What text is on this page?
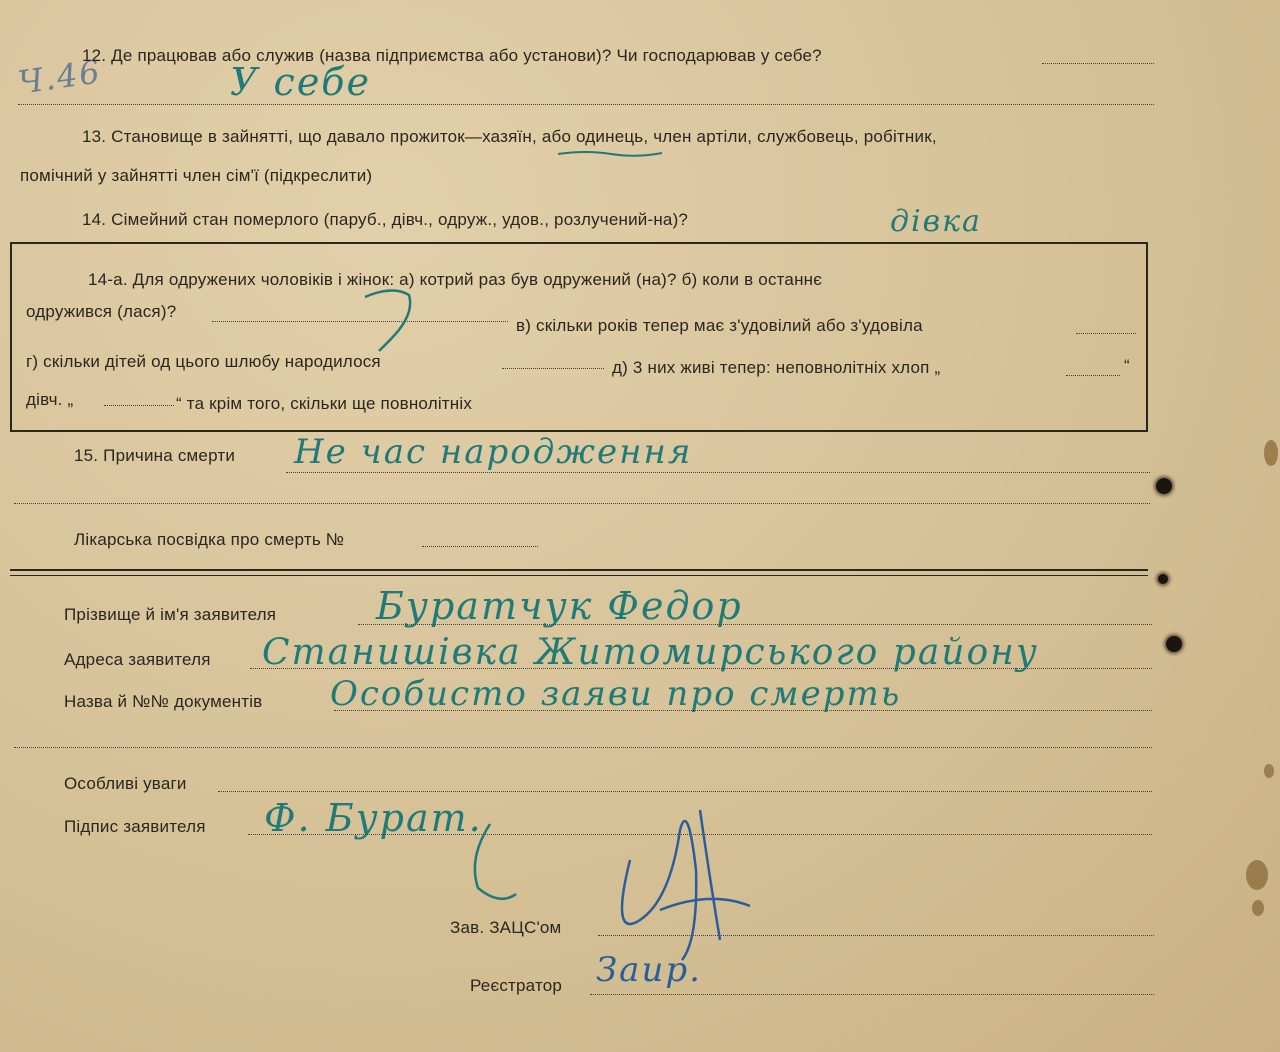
Ч.46
12. Де працював або служив (назва підприємства або установи)? Чи господарював у себе?
У себе
13. Становище в зайнятті, що давало прожиток—хазяїн, або одинець, член артіли, службовець, робітник,
помічний у зайнятті член сім'ї (підкреслити)
14. Сімейний стан померлого (паруб., дівч., одруж., удов., розлучений-на)?	дівка
14-а. Для одружених чоловіків і жінок: а) котрий раз був одружений (на)? б) коли в останнє
одружився (лася)?
в) скільки років тепер має з'удовілий або з'удовіла
г) скільки дітей од цього шлюбу народилося	д) 3 них живі тепер: неповнолітніх хлоп „	“
дівч. „	“ та крім того, скільки ще повнолітніх
15. Причина смерти Не час народження
Лікарська посвідка про смерть №
Прізвище й ім'я заявителя	Буратчук Федор
Адреса заявителя Станишівка Житомирського району
Назва й №№ документів Особисто заяви про смерть
Особливі уваги
Підпис заявителя Ф. Бурат.
Зав. ЗАЦС'ом
Реєстратор Заир.
